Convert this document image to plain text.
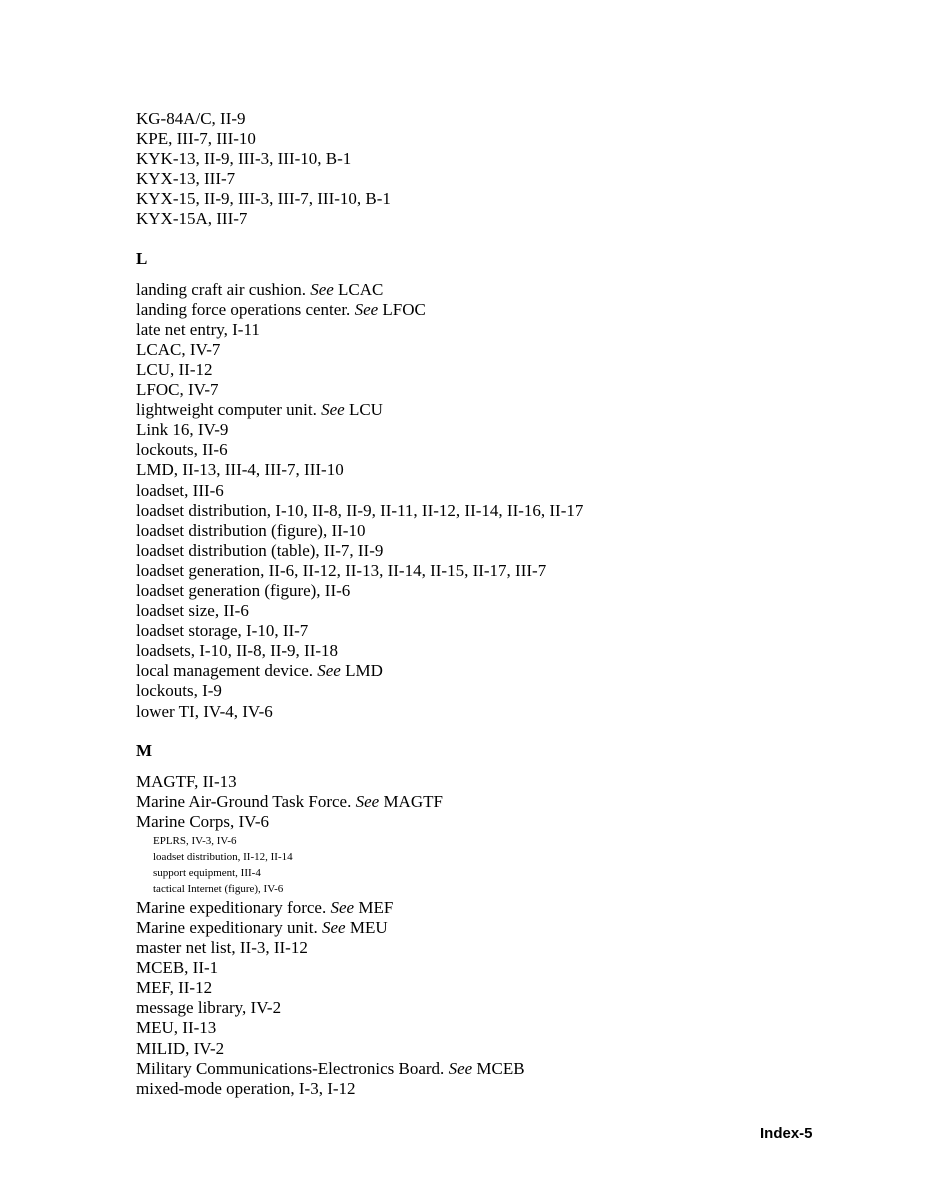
KG-84A/C, II-9
KPE, III-7, III-10
KYK-13, II-9, III-3, III-10, B-1
KYX-13, III-7
KYX-15, II-9, III-3, III-7, III-10, B-1
KYX-15A, III-7
L
landing craft air cushion. See LCAC
landing force operations center. See LFOC
late net entry, I-11
LCAC, IV-7
LCU, II-12
LFOC, IV-7
lightweight computer unit. See LCU
Link 16, IV-9
lockouts, II-6
LMD, II-13, III-4, III-7, III-10
loadset, III-6
loadset distribution, I-10, II-8, II-9, II-11, II-12, II-14, II-16, II-17
loadset distribution (figure), II-10
loadset distribution (table), II-7, II-9
loadset generation, II-6, II-12, II-13, II-14, II-15, II-17, III-7
loadset generation (figure), II-6
loadset size, II-6
loadset storage, I-10, II-7
loadsets, I-10, II-8, II-9, II-18
local management device. See LMD
lockouts, I-9
lower TI, IV-4, IV-6
M
MAGTF, II-13
Marine Air-Ground Task Force. See MAGTF
Marine Corps, IV-6
EPLRS, IV-3, IV-6
loadset distribution, II-12, II-14
support equipment, III-4
tactical Internet (figure), IV-6
Marine expeditionary force. See MEF
Marine expeditionary unit. See MEU
master net list, II-3, II-12
MCEB, II-1
MEF, II-12
message library, IV-2
MEU, II-13
MILID, IV-2
Military Communications-Electronics Board. See MCEB
mixed-mode operation, I-3, I-12
Index-5
